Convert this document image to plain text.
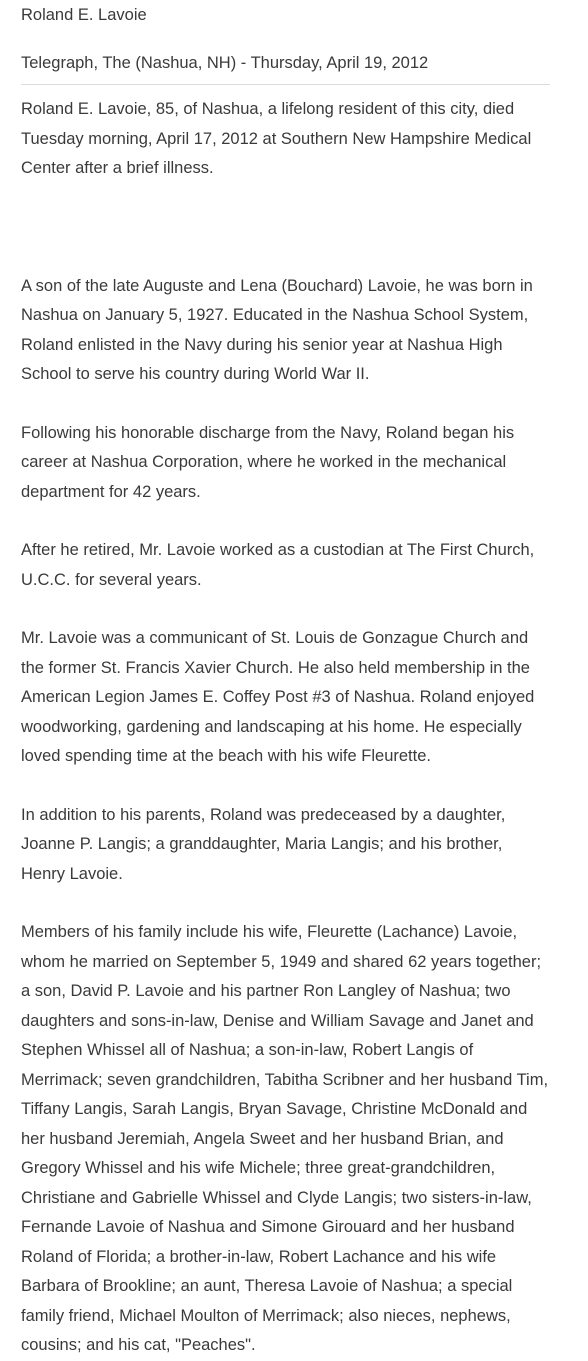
Roland E. Lavoie
Telegraph, The (Nashua, NH) - Thursday, April 19, 2012

Roland E. Lavoie, 85, of Nashua, a lifelong resident of this city, died Tuesday morning, April 17, 2012 at Southern New Hampshire Medical Center after a brief illness.

A son of the late Auguste and Lena (Bouchard) Lavoie, he was born in Nashua on January 5, 1927. Educated in the Nashua School System, Roland enlisted in the Navy during his senior year at Nashua High School to serve his country during World War II.

Following his honorable discharge from the Navy, Roland began his career at Nashua Corporation, where he worked in the mechanical department for 42 years.

After he retired, Mr. Lavoie worked as a custodian at The First Church, U.C.C. for several years.

Mr. Lavoie was a communicant of St. Louis de Gonzague Church and the former St. Francis Xavier Church. He also held membership in the American Legion James E. Coffey Post #3 of Nashua. Roland enjoyed woodworking, gardening and landscaping at his home. He especially loved spending time at the beach with his wife Fleurette.

In addition to his parents, Roland was predeceased by a daughter, Joanne P. Langis; a granddaughter, Maria Langis; and his brother, Henry Lavoie.

Members of his family include his wife, Fleurette (Lachance) Lavoie, whom he married on September 5, 1949 and shared 62 years together; a son, David P. Lavoie and his partner Ron Langley of Nashua; two daughters and sons-in-law, Denise and William Savage and Janet and Stephen Whissel all of Nashua; a son-in-law, Robert Langis of Merrimack; seven grandchildren, Tabitha Scribner and her husband Tim, Tiffany Langis, Sarah Langis, Bryan Savage, Christine McDonald and her husband Jeremiah, Angela Sweet and her husband Brian, and Gregory Whissel and his wife Michele; three great-grandchildren, Christiane and Gabrielle Whissel and Clyde Langis; two sisters-in-law, Fernande Lavoie of Nashua and Simone Girouard and her husband Roland of Florida; a brother-in-law, Robert Lachance and his wife Barbara of Brookline; an aunt, Theresa Lavoie of Nashua; a special family friend, Michael Moulton of Merrimack; also nieces, nephews, cousins; and his cat, "Peaches".
